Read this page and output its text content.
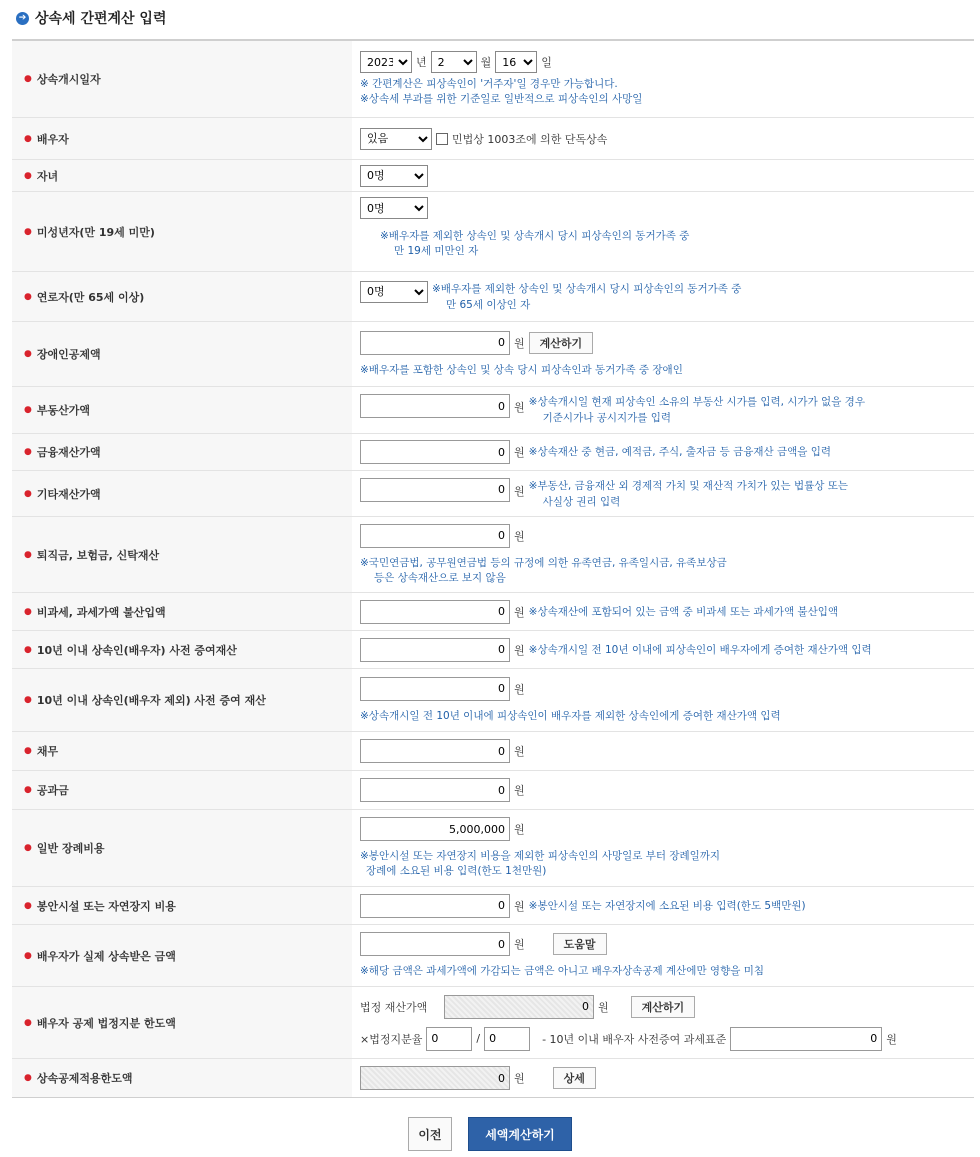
➔ 상속세 간편계산 입력
● 상속개시일자
2023
년
2	월
16	일
※ 간편계산은 피상속인이 '거주자'일 경우만 가능합니다.
※상속세 부과를 위한 기준일로 일반적으로 피상속인의 사망일
● 배우자
있음	민법상 1003조에 의한 단독상속
● 자녀
0명
● 미성년자(만 19세 미만)
0명	※배우자를 제외한 상속인 및 상속개시 당시 피상속인의 동거가족 중
만 19세 미만인 자
● 연로자(만 65세 이상)
0명
※배우자를 제외한 상속인 및 상속개시 당시 피상속인의 동거가족 중
만 65세 이상인 자
● 장애인공제액
0
원	계산하기
※배우자를 포함한 상속인 및 상속 당시 피상속인과 동거가족 중 장애인
● 부동산가액
0	원 ※상속개시일 현재 피상속인 소유의 부동산 시가를 입력, 시가가 없을 경우
기준시가나 공시지가를 입력
● 금융재산가액
0	원 ※상속재산 중 현금, 예적금, 주식, 출자금 등 금융재산 금액을 입력
● 기타재산가액
0	원 ※부동산, 금융재산 외 경제적 가치 및 재산적 가치가 있는 법률상 또는
사실상 권리 입력
● 퇴직금, 보험금, 신탁재산
0
원
※국민연금법, 공무원연금법 등의 규정에 의한 유족연금, 유족일시금, 유족보상금
등은 상속재산으로 보지 않음
● 비과세, 과세가액 불산입액
0	원 ※상속재산에 포함되어 있는 금액 중 비과세 또는 과세가액 불산입액
● 10년 이내 상속인(배우자) 사전 증여재산
0	원 ※상속개시일 전 10년 이내에 피상속인이 배우자에게 증여한 재산가액 입력
● 10년 이내 상속인(배우자 제외) 사전 증여 재산
0
원
※상속개시일 전 10년 이내에 피상속인이 배우자를 제외한 상속인에게 증여한 재산가액 입력
● 채무
0	원
● 공과금
0	원
● 일반 장례비용
5,000,000
원
※봉안시설 또는 자연장지 비용을 제외한 피상속인의 사망일로 부터 장례일까지
장례에 소요된 비용 입력(한도 1천만원)
● 봉안시설 또는 자연장지 비용
0	원 ※봉안시설 또는 자연장지에 소요된 비용 입력(한도 5백만원)
● 배우자가 실제 상속받은 금액
0
원	도움말
※해당 금액은 과세가액에 가감되는 금액은 아니고 배우자상속공제 계산에만 영향을 미침
● 배우자 공제 법정지분 한도액
법정 재산가액
0	원	계산하기
×법정지분율
0	/
0	- 10년 이내 배우자 사전증여 과세표준
0	원
● 상속공제적용한도액
0	원	상세
이전	세액계산하기
